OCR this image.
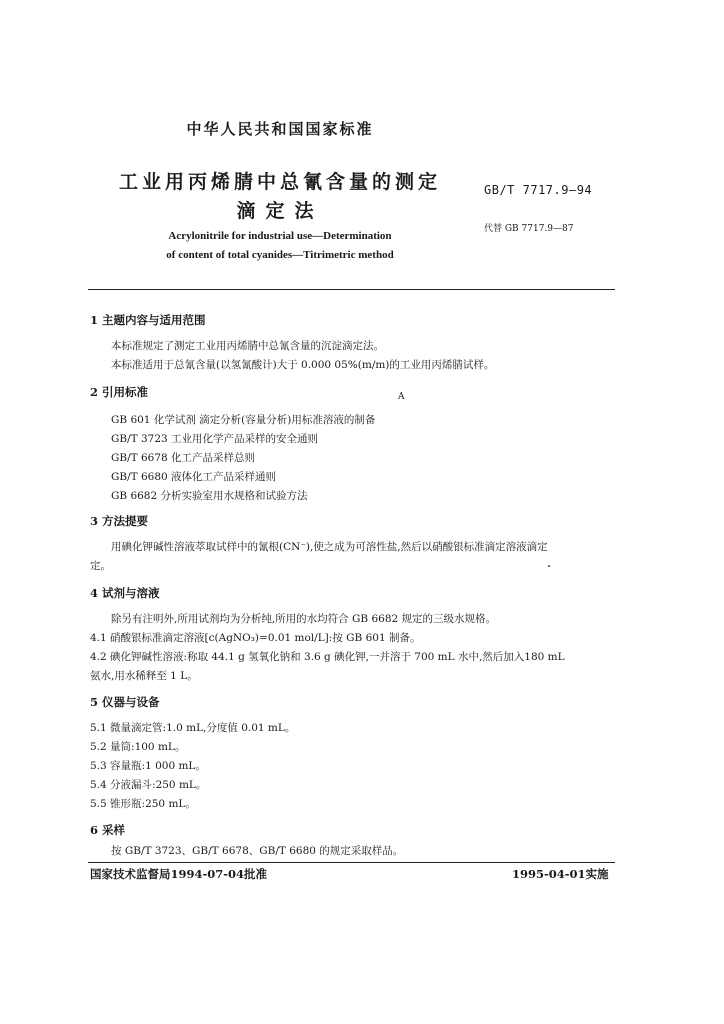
中华人民共和国国家标准
工业用丙烯腈中总氰含量的测定
滴定法
GB/T 7717.9—94
代替 GB 7717.9—87
Acrylonitrile for industrial use—Determination
of content of total cyanides—Titrimetric method
1 主题内容与适用范围
本标准规定了测定工业用丙烯腈中总氰含量的沉淀滴定法。
本标准适用于总氰含量(以氢氰酸计)大于 0.000 05%(m/m)的工业用丙烯腈试样。
2 引用标准	A
GB 601 化学试剂 滴定分析(容量分析)用标准溶液的制备
GB/T 3723 工业用化学产品采样的安全通则
GB/T 6678 化工产品采样总则
GB/T 6680 液体化工产品采样通则
GB 6682 分析实验室用水规格和试验方法
3 方法提要
用碘化钾碱性溶液萃取试样中的氰根(CN⁻),使之成为可溶性盐,然后以硝酸银标准滴定溶液滴定
定。
4 试剂与溶液
除另有注明外,所用试剂均为分析纯,所用的水均符合 GB 6682 规定的三级水规格。
4.1 硝酸银标准滴定溶液[c(AgNO₃)=0.01 mol/L]:按 GB 601 制备。
4.2 碘化钾碱性溶液:称取 44.1 g 氢氧化钠和 3.6 g 碘化钾,一并溶于 700 mL 水中,然后加入180 mL
氨水,用水稀释至 1 L。
5 仪器与设备
5.1 微量滴定管:1.0 mL,分度值 0.01 mL。
5.2 量筒:100 mL。
5.3 容量瓶:1 000 mL。
5.4 分液漏斗:250 mL。
5.5 锥形瓶:250 mL。
6 采样
按 GB/T 3723、GB/T 6678、GB/T 6680 的规定采取样品。
国家技术监督局1994-07-04批准	1995-04-01实施
